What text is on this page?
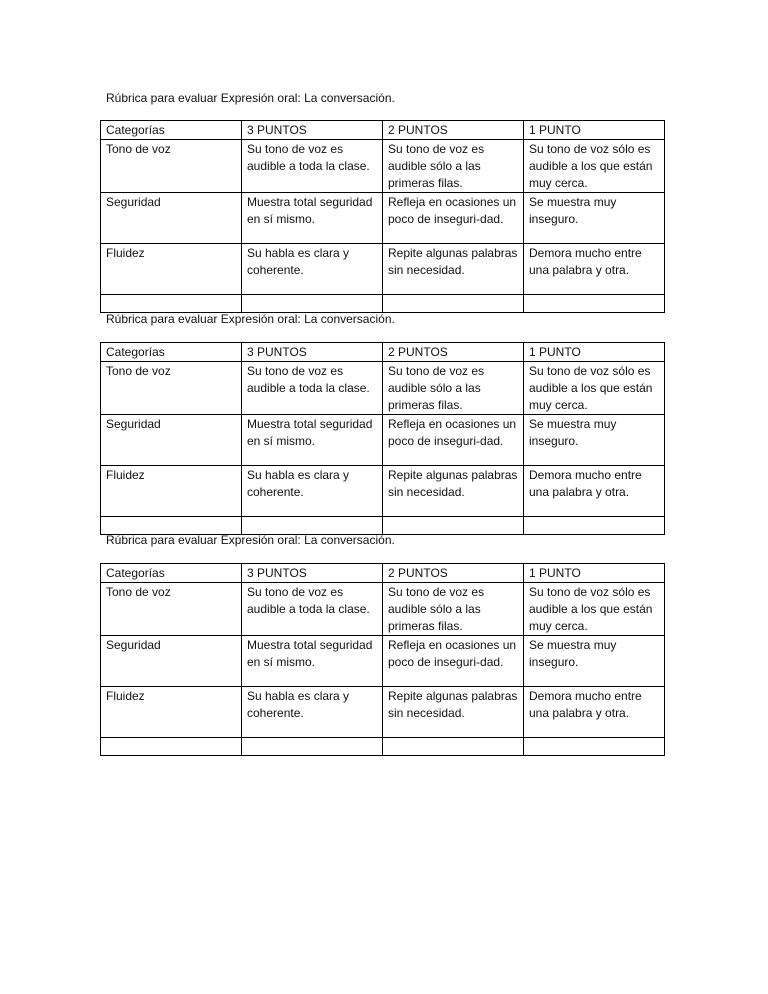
Rúbrica para evaluar Expresión oral: La conversación.
Categorías	3 PUNTOS	2 PUNTOS	1 PUNTO
Tono de voz	Su tono de voz es audible a toda la clase.	Su tono de voz es audible sólo a las primeras filas.	Su tono de voz sólo es audible a los que están muy cerca.
Seguridad	Muestra total seguridad en sí mismo.	Refleja en ocasiones un poco de inseguri-dad.	Se muestra muy inseguro.
Fluidez	Su habla es clara y coherente.	Repite algunas palabras sin necesidad.	Demora mucho entre una palabra y otra.

Rúbrica para evaluar Expresión oral: La conversación.
Categorías	3 PUNTOS	2 PUNTOS	1 PUNTO
Tono de voz	Su tono de voz es audible a toda la clase.	Su tono de voz es audible sólo a las primeras filas.	Su tono de voz sólo es audible a los que están muy cerca.
Seguridad	Muestra total seguridad en sí mismo.	Refleja en ocasiones un poco de inseguri-dad.	Se muestra muy inseguro.
Fluidez	Su habla es clara y coherente.	Repite algunas palabras sin necesidad.	Demora mucho entre una palabra y otra.

Rúbrica para evaluar Expresión oral: La conversación.
Categorías	3 PUNTOS	2 PUNTOS	1 PUNTO
Tono de voz	Su tono de voz es audible a toda la clase.	Su tono de voz es audible sólo a las primeras filas.	Su tono de voz sólo es audible a los que están muy cerca.
Seguridad	Muestra total seguridad en sí mismo.	Refleja en ocasiones un poco de inseguri-dad.	Se muestra muy inseguro.
Fluidez	Su habla es clara y coherente.	Repite algunas palabras sin necesidad.	Demora mucho entre una palabra y otra.
